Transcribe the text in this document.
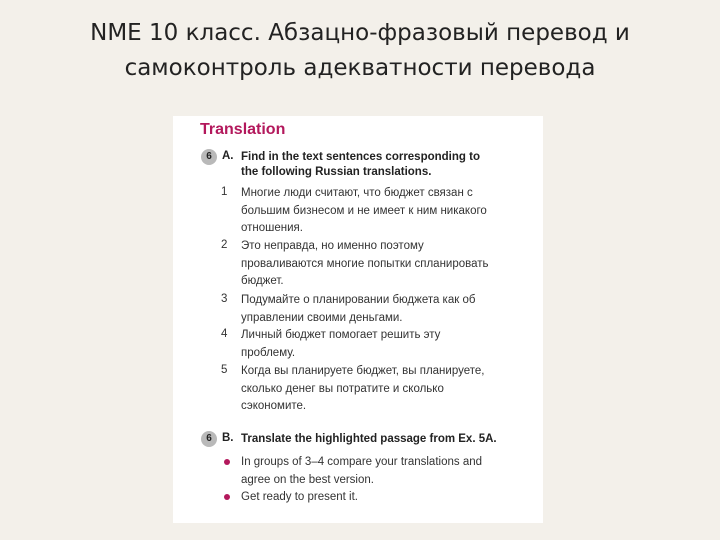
NME 10 класс. Абзацно-фразовый перевод и
самоконтроль адекватности перевода
Translation
6 A. Find in the text sentences corresponding to
the following Russian translations.
1 Многие люди считают, что бюджет связан с
большим бизнесом и не имеет к ним никакого
отношения.
2 Это неправда, но именно поэтому
проваливаются многие попытки спланировать
бюджет.
3 Подумайте о планировании бюджета как об
управлении своими деньгами.
4 Личный бюджет помогает решить эту
проблему.
5 Когда вы планируете бюджет, вы планируете,
сколько денег вы потратите и сколько
сэкономите.
6 B. Translate the highlighted passage from Ex. 5A.
In groups of 3–4 compare your translations and
agree on the best version.
Get ready to present it.
